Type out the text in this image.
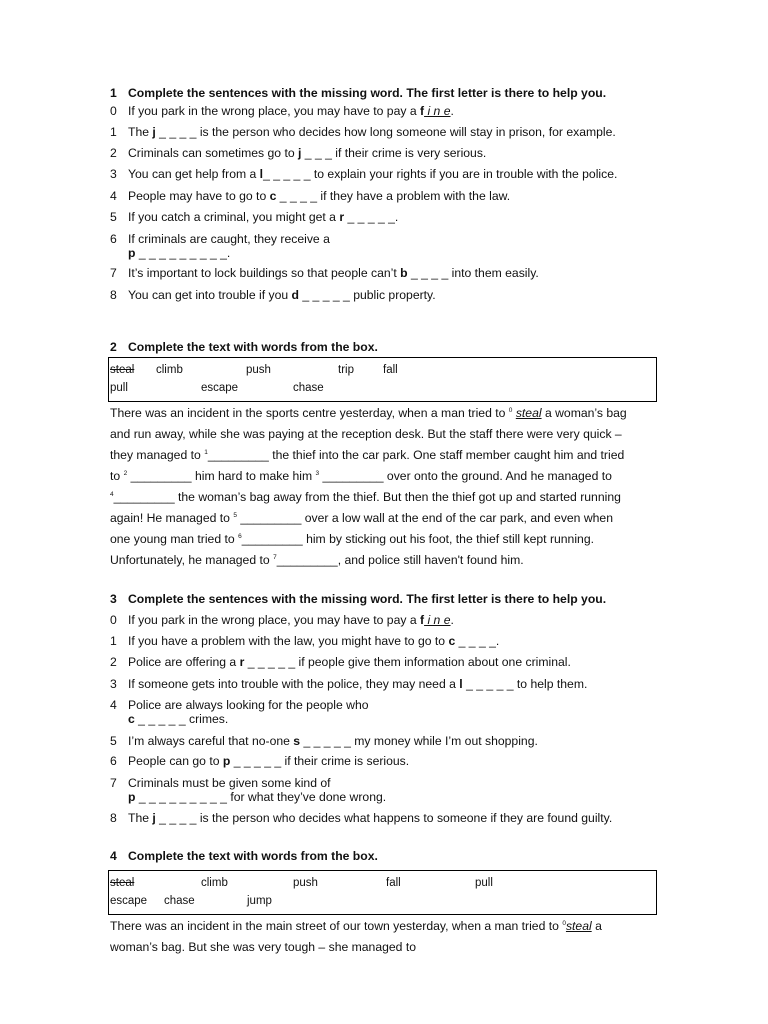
1 Complete the sentences with the missing word. The first letter is there to help you.
0 If you park in the wrong place, you may have to pay a f i n e.
1 The j _ _ _ _ is the person who decides how long someone will stay in prison, for example.
2 Criminals can sometimes go to j _ _ _ if their crime is very serious.
3 You can get help from a l_ _ _ _ _ to explain your rights if you are in trouble with the police.
4 People may have to go to c _ _ _ _ if they have a problem with the law.
5 If you catch a criminal, you might get a r _ _ _ _ _.
6 If criminals are caught, they receive a
p _ _ _ _ _ _ _ _ _.
7 It’s important to lock buildings so that people can’t b _ _ _ _ into them easily.
8 You can get into trouble if you d _ _ _ _ _ public property.
2 Complete the text with words from the box.
steal climb	push	trip	fall
pull	escape	chase
There was an incident in the sports centre yesterday, when a man tried to $^0$ steal a woman’s bag
and run away, while she was paying at the reception desk. But the staff there were very quick –
they managed to $^1$_________ the thief into the car park. One staff member caught him and tried
to $^2$ _________ him hard to make him $^3$ _________ over onto the ground. And he managed to
$^4$_________ the woman’s bag away from the thief. But then the thief got up and started running
again! He managed to $^5$ _________ over a low wall at the end of the car park, and even when
one young man tried to $^6$_________ him by sticking out his foot, the thief still kept running.
Unfortunately, he managed to $^7$_________, and police still haven't found him.
3 Complete the sentences with the missing word. The first letter is there to help you.
0 If you park in the wrong place, you may have to pay a f i n e.
1 If you have a problem with the law, you might have to go to c _ _ _ _.
2 Police are offering a r _ _ _ _ _ if people give them information about one criminal.
3 If someone gets into trouble with the police, they may need a l _ _ _ _ _ to help them.
4 Police are always looking for the people who
c _ _ _ _ _ crimes.
5 I’m always careful that no-one s _ _ _ _ _ my money while I’m out shopping.
6 People can go to p _ _ _ _ _ if their crime is serious.
7 Criminals must be given some kind of
p _ _ _ _ _ _ _ _ _ for what they’ve done wrong.
8 The j _ _ _ _ is the person who decides what happens to someone if they are found guilty.
4 Complete the text with words from the box.
steal	climb	push	fall	pull
escape chase	jump
There was an incident in the main street of our town yesterday, when a man tried to $^0$steal a
woman’s bag. But she was very tough – she managed to
